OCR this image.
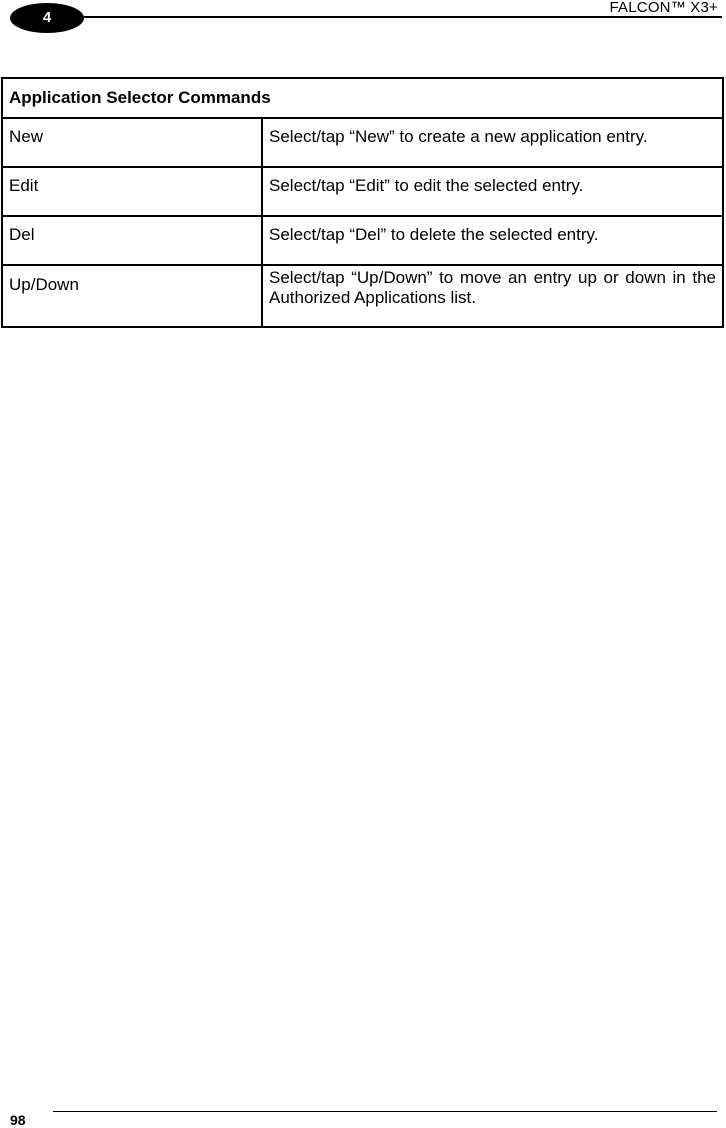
4
FALCON™ X3+
Application Selector Commands	
New	Select/tap “New” to create a new application entry.
Edit	Select/tap “Edit” to edit the selected entry.
Del	Select/tap “Del” to delete the selected entry.
Up/Down	Select/tap “Up/Down” to move an entry up or down in the Authorized Applications list.
98
